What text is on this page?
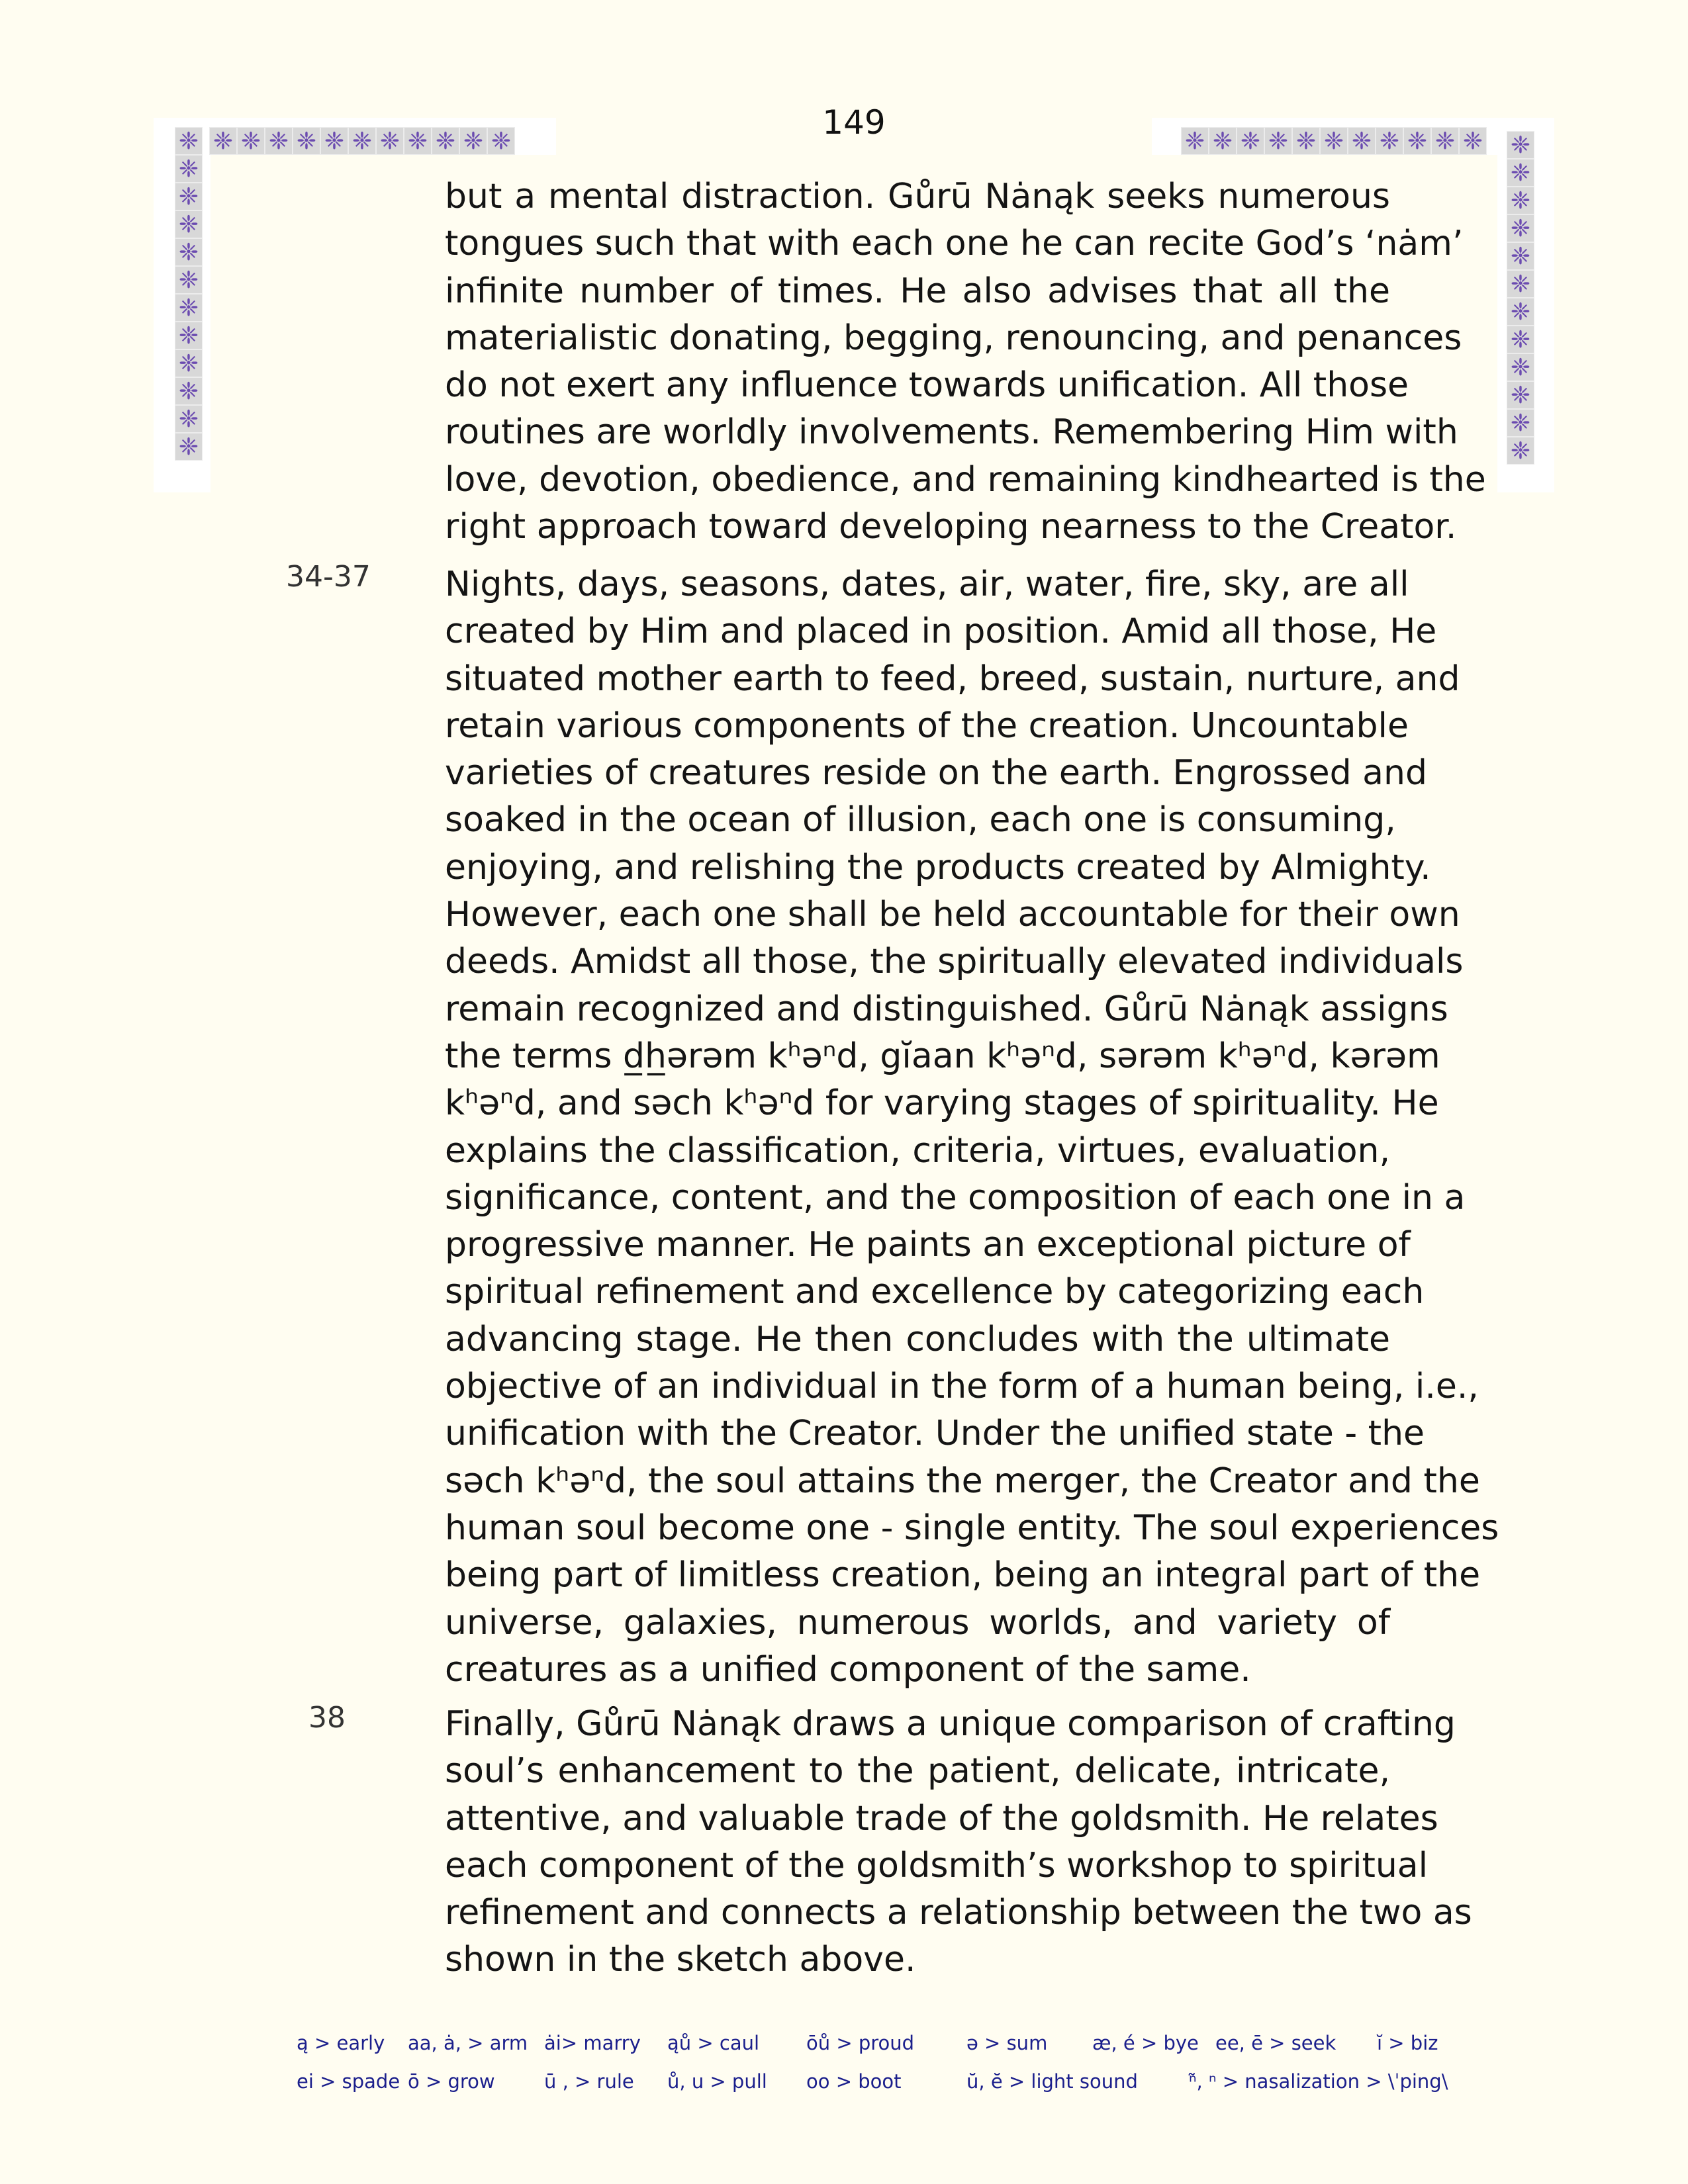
149
❈ ❈ ❈ ❈ ❈ ❈ ❈ ❈ ❈ ❈ ❈
❈
❈
❈
❈
❈
❈
❈
❈
❈
❈
❈
❈
❈ ❈ ❈ ❈ ❈ ❈ ❈ ❈ ❈ ❈ ❈ ❈
❈
❈
❈
❈
❈
❈
❈
❈
❈
❈
❈
but a mental distraction. Gůrū Nȧnąk seeks numerous
tongues such that with each one he can recite God’s ‘nȧm’
infinite number of times. He also advises that all the
materialistic donating, begging, renouncing, and penances
do not exert any influence towards unification. All those
routines are worldly involvements. Remembering Him with
love, devotion, obedience, and remaining kindhearted is the
right approach toward developing nearness to the Creator.
34-37 Nights, days, seasons, dates, air, water, fire, sky, are all
created by Him and placed in position. Amid all those, He
situated mother earth to feed, breed, sustain, nurture, and
retain various components of the creation. Uncountable
varieties of creatures reside on the earth. Engrossed and
soaked in the ocean of illusion, each one is consuming,
enjoying, and relishing the products created by Almighty.
However, each one shall be held accountable for their own
deeds. Amidst all those, the spiritually elevated individuals
remain recognized and distinguished. Gůrū Nȧnąk assigns
the terms d̲h̲ərəm kʰəⁿd, gĭaan kʰəⁿd, sərəm kʰəⁿd, kərəm
kʰəⁿd, and səch kʰəⁿd for varying stages of spirituality. He
explains the classification, criteria, virtues, evaluation,
significance, content, and the composition of each one in a
progressive manner. He paints an exceptional picture of
spiritual refinement and excellence by categorizing each
advancing stage. He then concludes with the ultimate
objective of an individual in the form of a human being, i.e.,
unification with the Creator. Under the unified state - the
səch kʰəⁿd, the soul attains the merger, the Creator and the
human soul become one - single entity. The soul experiences
being part of limitless creation, being an integral part of the
universe, galaxies, numerous worlds, and variety of
creatures as a unified component of the same.
38	Finally, Gůrū Nȧnąk draws a unique comparison of crafting
soul’s enhancement to the patient, delicate, intricate,
attentive, and valuable trade of the goldsmith. He relates
each component of the goldsmith’s workshop to spiritual
refinement and connects a relationship between the two as
shown in the sketch above.
ą > early aa, ȧ, > arm ȧi> marry ąů > caul ōů > proud	ə > sum æ, é > bye ee, ē > seek ĭ > biz
ei > spade ō > grow	ū , > rule ů, u > pull oo > boot	ŭ, ĕ > light sound	ⁿ̃, ⁿ > nasalization > \ˈping\
